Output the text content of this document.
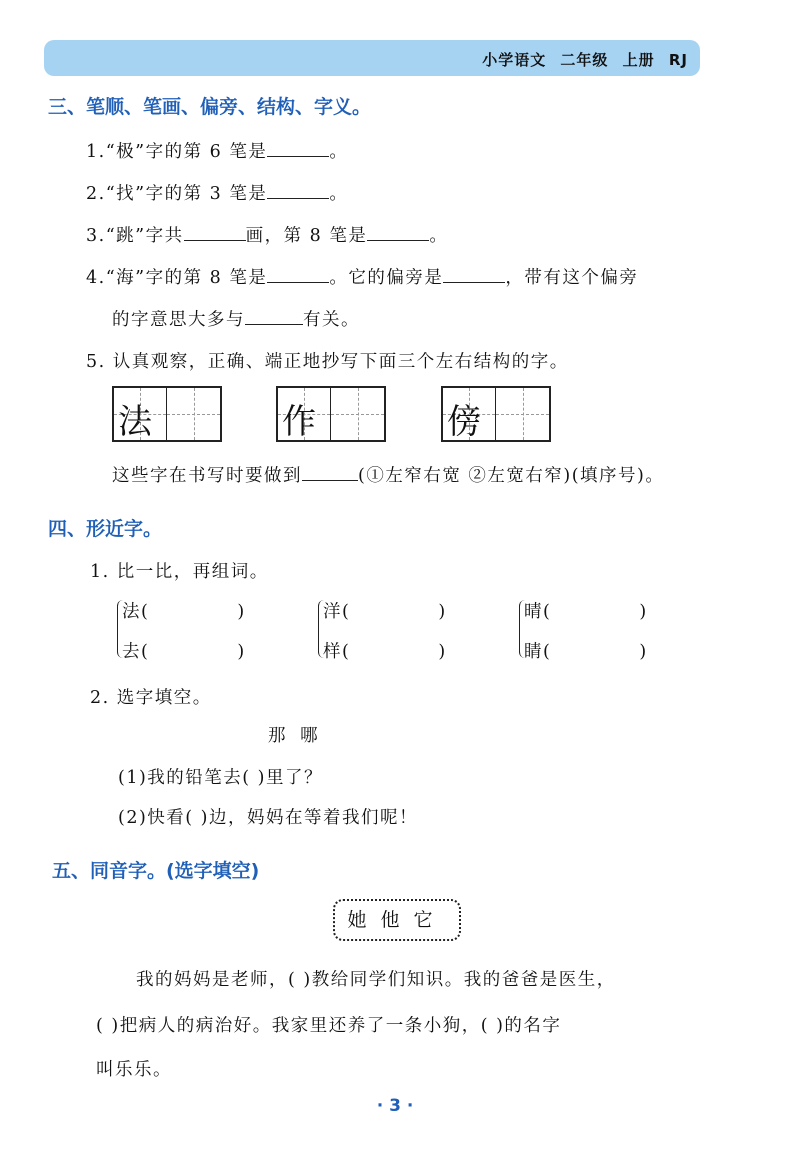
小学语文 二年级 上册 RJ
三、笔顺、笔画、偏旁、结构、字义。
1.“极”字的第 6 笔是	。
2.“找”字的第 3 笔是	。
3.“跳”字共	画，第 8 笔是	。
4.“海”字的第 8 笔是	。它的偏旁是	，带有这个偏旁
的字意思大多与	有关。
5. 认真观察，正确、端正地抄写下面三个左右结构的字。
法	作	傍
这些字在书写时要做到	(①左窄右宽 ②左宽右窄)(填序号)。
四、形近字。
1. 比一比，再组词。
法(	)
去(	)
洋(	)
样(	)
晴(	)
睛(	)
2. 选字填空。
那 哪
(1)我的铅笔去( )里了？
(2)快看( )边，妈妈在等着我们呢！
五、同音字。(选字填空)
她他它
我的妈妈是老师，( )教给同学们知识。我的爸爸是医生，
( )把病人的病治好。我家里还养了一条小狗，( )的名字
叫乐乐。
· 3 ·
